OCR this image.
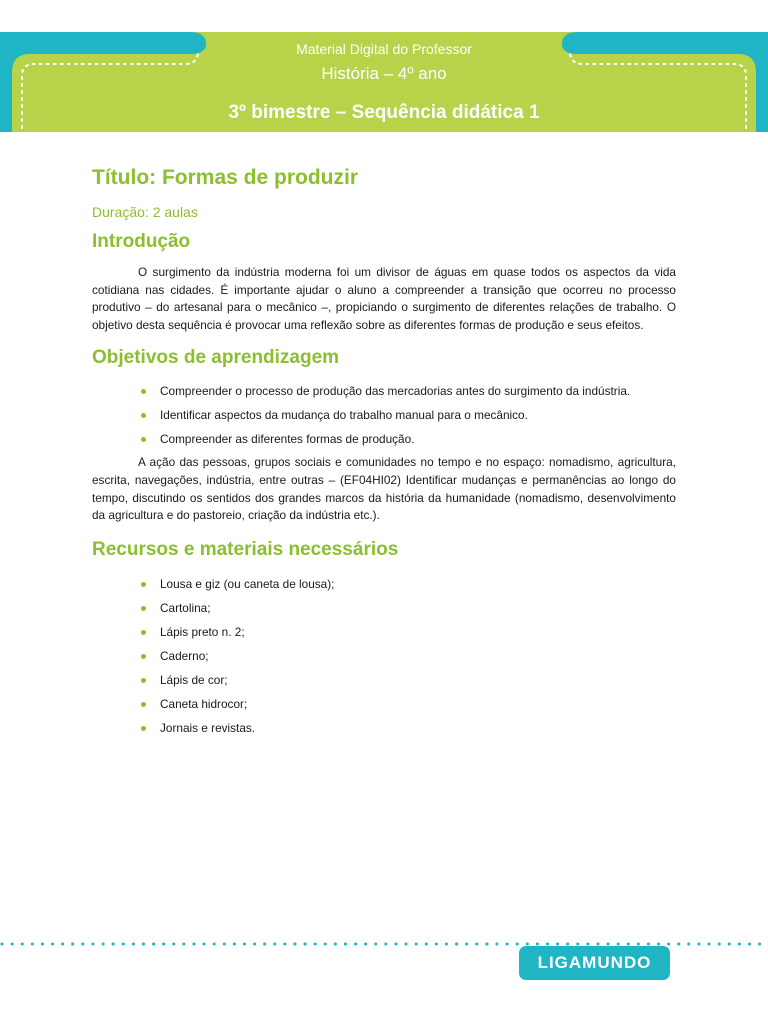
Material Digital do Professor
História – 4º ano
3º bimestre – Sequência didática 1
Título: Formas de produzir
Duração: 2 aulas
Introdução

O surgimento da indústria moderna foi um divisor de águas em quase todos os aspectos da vida cotidiana nas cidades. É importante ajudar o aluno a compreender a transição que ocorreu no processo produtivo – do artesanal para o mecânico –, propiciando o surgimento de diferentes relações de trabalho. O objetivo desta sequência é provocar uma reflexão sobre as diferentes formas de produção e seus efeitos.

Objetivos de aprendizagem
Compreender o processo de produção das mercadorias antes do surgimento da indústria.
Identificar aspectos da mudança do trabalho manual para o mecânico.
Compreender as diferentes formas de produção.

A ação das pessoas, grupos sociais e comunidades no tempo e no espaço: nomadismo, agricultura, escrita, navegações, indústria, entre outras – (EF04HI02) Identificar mudanças e permanências ao longo do tempo, discutindo os sentidos dos grandes marcos da história da humanidade (nomadismo, desenvolvimento da agricultura e do pastoreio, criação da indústria etc.).

Recursos e materiais necessários
Lousa e giz (ou caneta de lousa);
Cartolina;
Lápis preto n. 2;
Caderno;
Lápis de cor;
Caneta hidrocor;
Jornais e revistas.
LIGAMUNDO
